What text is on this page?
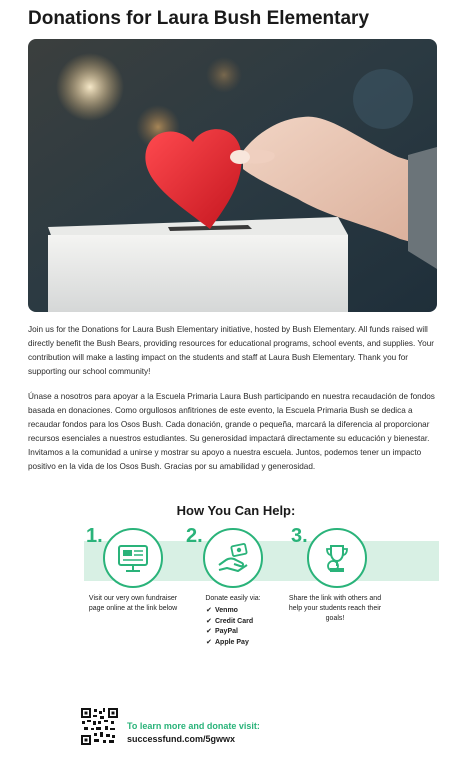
Donations for Laura Bush Elementary

Join us for the Donations for Laura Bush Elementary initiative, hosted by Bush Elementary. All funds raised will directly benefit the Bush Bears, providing resources for educational programs, school events, and supplies. Your contribution will make a lasting impact on the students and staff at Laura Bush Elementary. Thank you for supporting our school community!

Únase a nosotros para apoyar a la Escuela Primaria Laura Bush participando en nuestra recaudación de fondos basada en donaciones. Como orgullosos anfitriones de este evento, la Escuela Primaria Bush se dedica a recaudar fondos para los Osos Bush. Cada donación, grande o pequeña, marcará la diferencia al proporcionar recursos esenciales a nuestros estudiantes. Su generosidad impactará directamente su educación y bienestar. Invitamos a la comunidad a unirse y mostrar su apoyo a nuestra escuela. Juntos, podemos tener un impacto positivo en la vida de los Osos Bush. Gracias por su amabilidad y generosidad.

How You Can Help:
1.
Visit our very own fundraiser page online at the link below
2.
Donate easily via:
✔ Venmo
✔ Credit Card
✔ PayPal
✔ Apple Pay
3.
Share the link with others and help your students reach their goals!
To learn more and donate visit:
successfund.com/5gwwx
